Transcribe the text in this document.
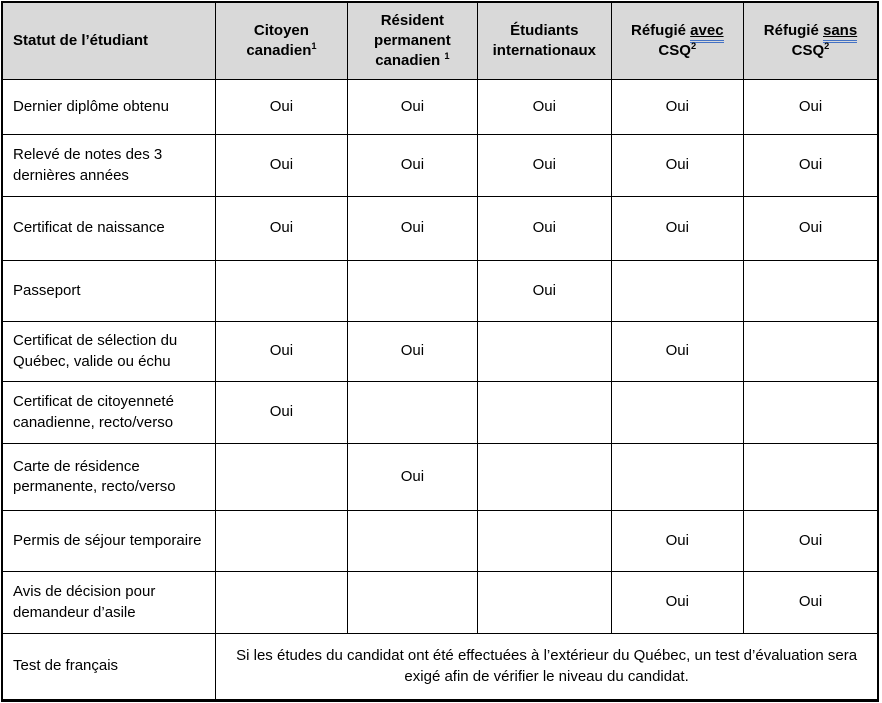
Statut de l’étudiant	Citoyen canadien$^1$	Résident permanent canadien $^1$	Étudiants internationaux	Réfugié avec CSQ$^2$	Réfugié sans CSQ$^2$
Dernier diplôme obtenu	Oui	Oui	Oui	Oui	Oui
Relevé de notes des 3 dernières années	Oui	Oui	Oui	Oui	Oui
Certificat de naissance	Oui	Oui	Oui	Oui	Oui
Passeport			Oui		
Certificat de sélection du Québec, valide ou échu	Oui	Oui		Oui	
Certificat de citoyenneté canadienne, recto/verso	Oui				
Carte de résidence permanente, recto/verso		Oui			
Permis de séjour temporaire				Oui	Oui
Avis de décision pour demandeur d’asile				Oui	Oui
Test de français	Si les études du candidat ont été effectuées à l’extérieur du Québec, un test d’évaluation sera exigé afin de vérifier le niveau du candidat.				
